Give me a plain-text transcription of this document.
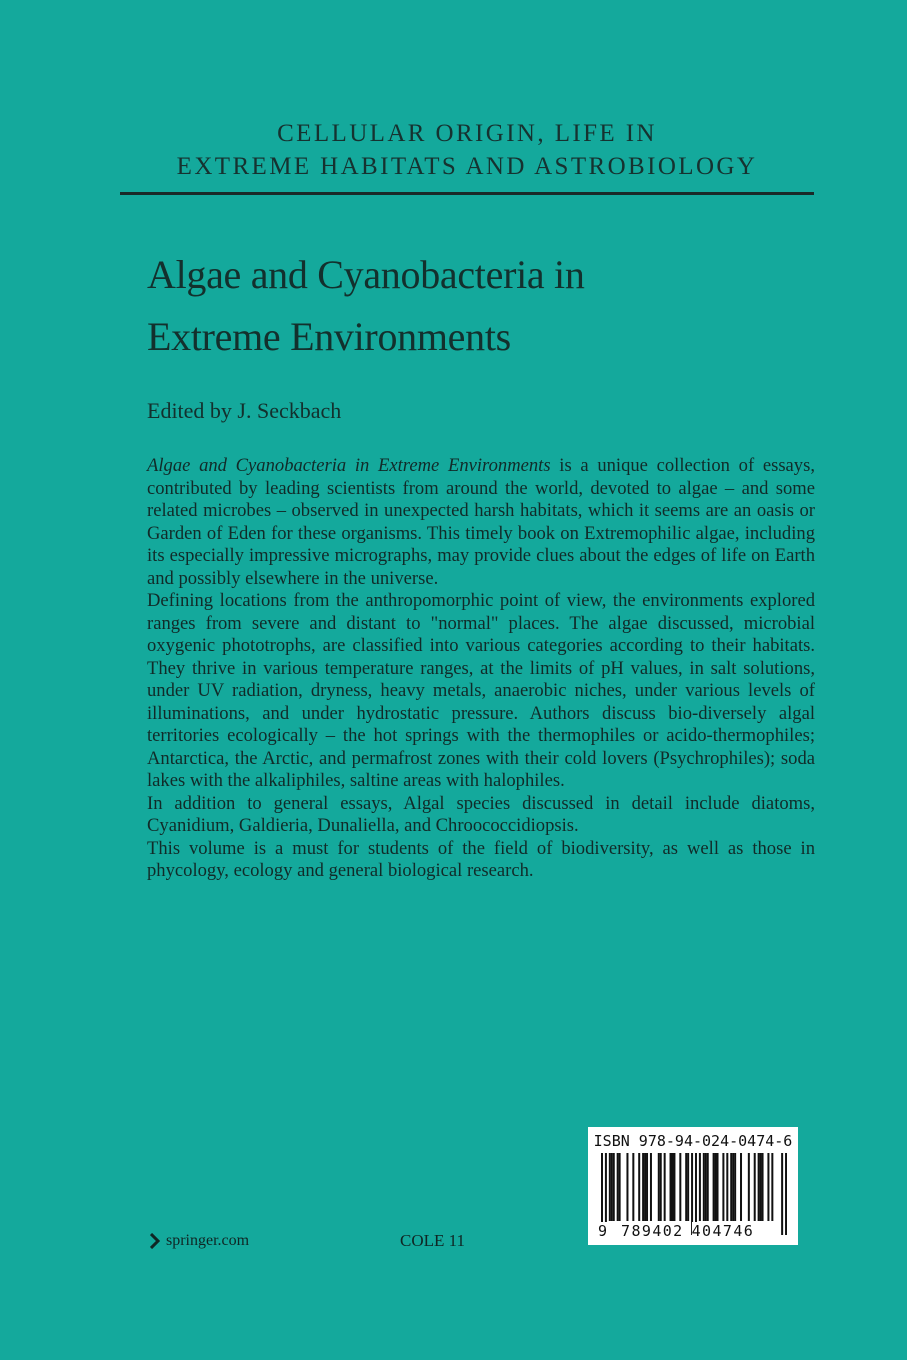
CELLULAR ORIGIN, LIFE IN
EXTREME HABITATS AND ASTROBIOLOGY
Algae and Cyanobacteria in
Extreme Environments
Edited by J. Seckbach

Algae and Cyanobacteria in Extreme Environments is a unique collection of essays, contributed by leading scientists from around the world, devoted to algae – and some related microbes – observed in unexpected harsh habitats, which it seems are an oasis or Garden of Eden for these organisms. This timely book on Extremophilic algae, including its especially impressive micrographs, may provide clues about the edges of life on Earth and possibly elsewhere in the universe.

Defining locations from the anthropomorphic point of view, the environments explored ranges from severe and distant to "normal" places. The algae discussed, microbial oxygenic phototrophs, are classified into various categories according to their habitats. They thrive in various temperature ranges, at the limits of pH values, in salt solutions, under UV radiation, dryness, heavy metals, anaerobic niches, under various levels of illuminations, and under hydrostatic pressure. Authors discuss bio-diversely algal territories ecologically – the hot springs with the thermophiles or acido-thermophiles; Antarctica, the Arctic, and permafrost zones with their cold lovers (Psychrophiles); soda lakes with the alkaliphiles, saltine areas with halophiles.

In addition to general essays, Algal species discussed in detail include diatoms, Cyanidium, Galdieria, Dunaliella, and Chroococcidiopsis.

This volume is a must for students of the field of biodiversity, as well as those in phycology, ecology and general biological research.

ISBN 978-94-024-0474-6
9 789402 404746
springer.com	COLE 11
